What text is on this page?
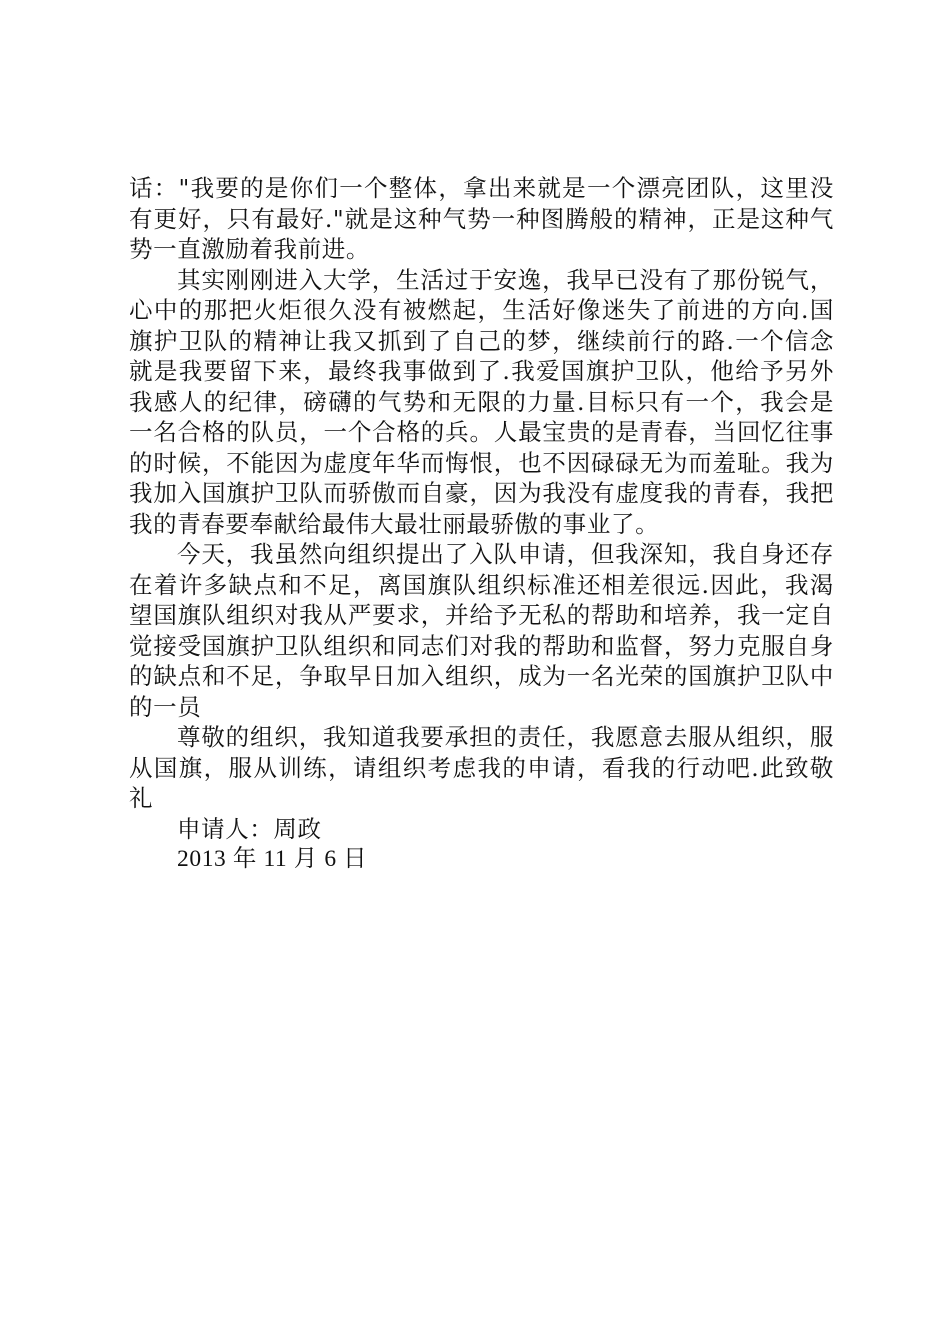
话："我要的是你们一个整体，拿出来就是一个漂亮团队，这里没有更好，只有最好."就是这种气势一种图腾般的精神，正是这种气势一直激励着我前进。

其实刚刚进入大学，生活过于安逸，我早已没有了那份锐气，心中的那把火炬很久没有被燃起，生活好像迷失了前进的方向.国旗护卫队的精神让我又抓到了自己的梦，继续前行的路.一个信念就是我要留下来，最终我事做到了.我爱国旗护卫队，他给予另外我感人的纪律，磅礴的气势和无限的力量.目标只有一个，我会是一名合格的队员，一个合格的兵。人最宝贵的是青春，当回忆往事的时候，不能因为虚度年华而悔恨，也不因碌碌无为而羞耻。我为我加入国旗护卫队而骄傲而自豪，因为我没有虚度我的青春，我把我的青春要奉献给最伟大最壮丽最骄傲的事业了。

今天，我虽然向组织提出了入队申请，但我深知，我自身还存在着许多缺点和不足，离国旗队组织标准还相差很远.因此，我渴望国旗队组织对我从严要求，并给予无私的帮助和培养，我一定自觉接受国旗护卫队组织和同志们对我的帮助和监督，努力克服自身的缺点和不足，争取早日加入组织，成为一名光荣的国旗护卫队中的一员

尊敬的组织，我知道我要承担的责任，我愿意去服从组织，服从国旗，服从训练，请组织考虑我的申请，看我的行动吧.此致敬礼

申请人：周政

2013 年 11 月 6 日
